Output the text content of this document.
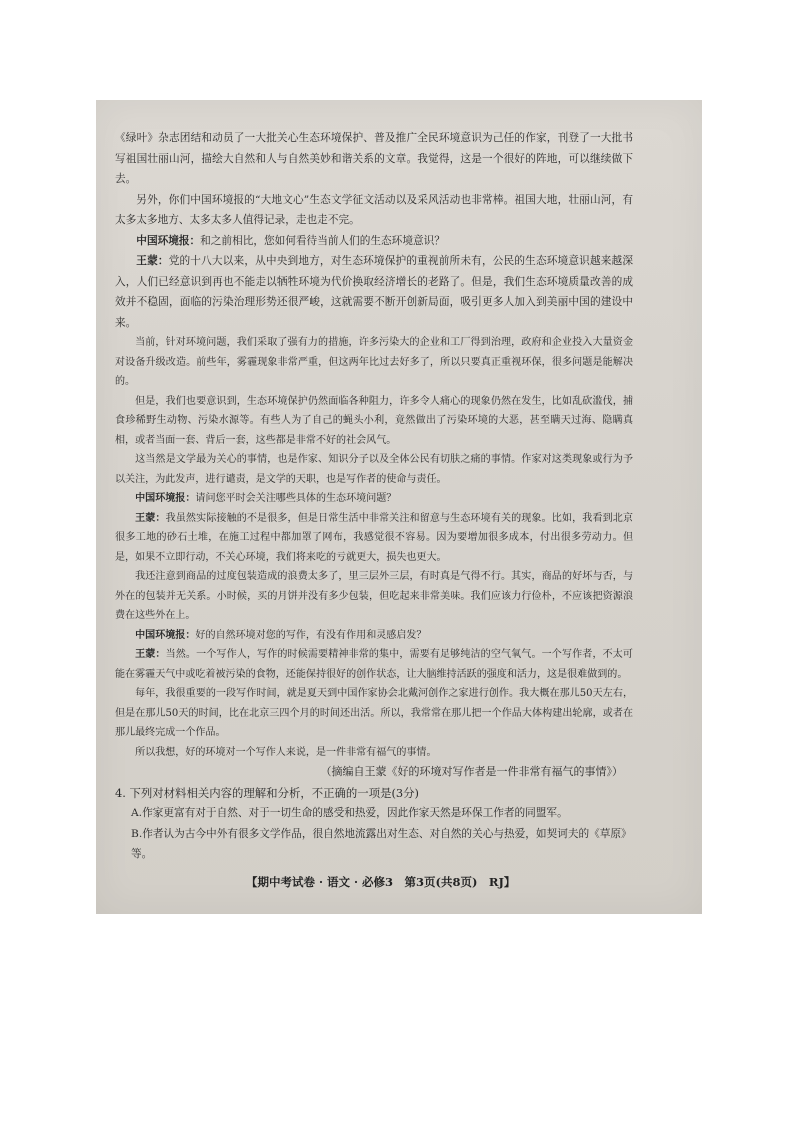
《绿叶》杂志团结和动员了一大批关心生态环境保护、普及推广全民环境意识为己任的作家，刊登了一大批书写祖国壮丽山河，描绘大自然和人与自然美妙和谐关系的文章。我觉得，这是一个很好的阵地，可以继续做下去。

另外，你们中国环境报的“大地文心”生态文学征文活动以及采风活动也非常棒。祖国大地，壮丽山河，有太多太多地方、太多太多人值得记录，走也走不完。

中国环境报：和之前相比，您如何看待当前人们的生态环境意识？

王蒙：党的十八大以来，从中央到地方，对生态环境保护的重视前所未有，公民的生态环境意识越来越深入，人们已经意识到再也不能走以牺牲环境为代价换取经济增长的老路了。但是，我们生态环境质量改善的成效并不稳固，面临的污染治理形势还很严峻，这就需要不断开创新局面，吸引更多人加入到美丽中国的建设中来。

当前，针对环境问题，我们采取了强有力的措施，许多污染大的企业和工厂得到治理，政府和企业投入大量资金对设备升级改造。前些年，雾霾现象非常严重，但这两年比过去好多了，所以只要真正重视环保，很多问题是能解决的。

但是，我们也要意识到，生态环境保护仍然面临各种阻力，许多令人痛心的现象仍然在发生，比如乱砍滥伐，捕食珍稀野生动物、污染水源等。有些人为了自己的蝇头小利，竟然做出了污染环境的大恶，甚至瞒天过海、隐瞒真相，或者当面一套、背后一套，这些都是非常不好的社会风气。

这当然是文学最为关心的事情，也是作家、知识分子以及全体公民有切肤之痛的事情。作家对这类现象或行为予以关注，为此发声，进行谴责，是文学的天职，也是写作者的使命与责任。

中国环境报：请问您平时会关注哪些具体的生态环境问题？

王蒙：我虽然实际接触的不是很多，但是日常生活中非常关注和留意与生态环境有关的现象。比如，我看到北京很多工地的砂石土堆，在施工过程中都加罩了网布，我感觉很不容易。因为要增加很多成本，付出很多劳动力。但是，如果不立即行动，不关心环境，我们将来吃的亏就更大，损失也更大。

我还注意到商品的过度包装造成的浪费太多了，里三层外三层，有时真是气得不行。其实，商品的好坏与否，与外在的包装并无关系。小时候，买的月饼并没有多少包装，但吃起来非常美味。我们应该力行俭朴，不应该把资源浪费在这些外在上。

中国环境报：好的自然环境对您的写作，有没有作用和灵感启发？

王蒙：当然。一个写作人，写作的时候需要精神非常的集中，需要有足够纯洁的空气氧气。一个写作者，不太可能在雾霾天气中或吃着被污染的食物，还能保持很好的创作状态，让大脑维持活跃的强度和活力，这是很难做到的。

每年，我很重要的一段写作时间，就是夏天到中国作家协会北戴河创作之家进行创作。我大概在那儿50天左右，但是在那儿50天的时间，比在北京三四个月的时间还出活。所以，我常常在那儿把一个作品大体构建出轮廓，或者在那儿最终完成一个作品。

所以我想，好的环境对一个写作人来说，是一件非常有福气的事情。

（摘编自王蒙《好的环境对写作者是一件非常有福气的事情》）

4. 下列对材料相关内容的理解和分析，不正确的一项是(3分)

A.作家更富有对于自然、对于一切生命的感受和热爱，因此作家天然是环保工作者的同盟军。

B.作者认为古今中外有很多文学作品，很自然地流露出对生态、对自然的关心与热爱，如契诃夫的《草原》等。

【期中考试卷 · 语文 · 必修3　第3页(共8页)　RJ】
